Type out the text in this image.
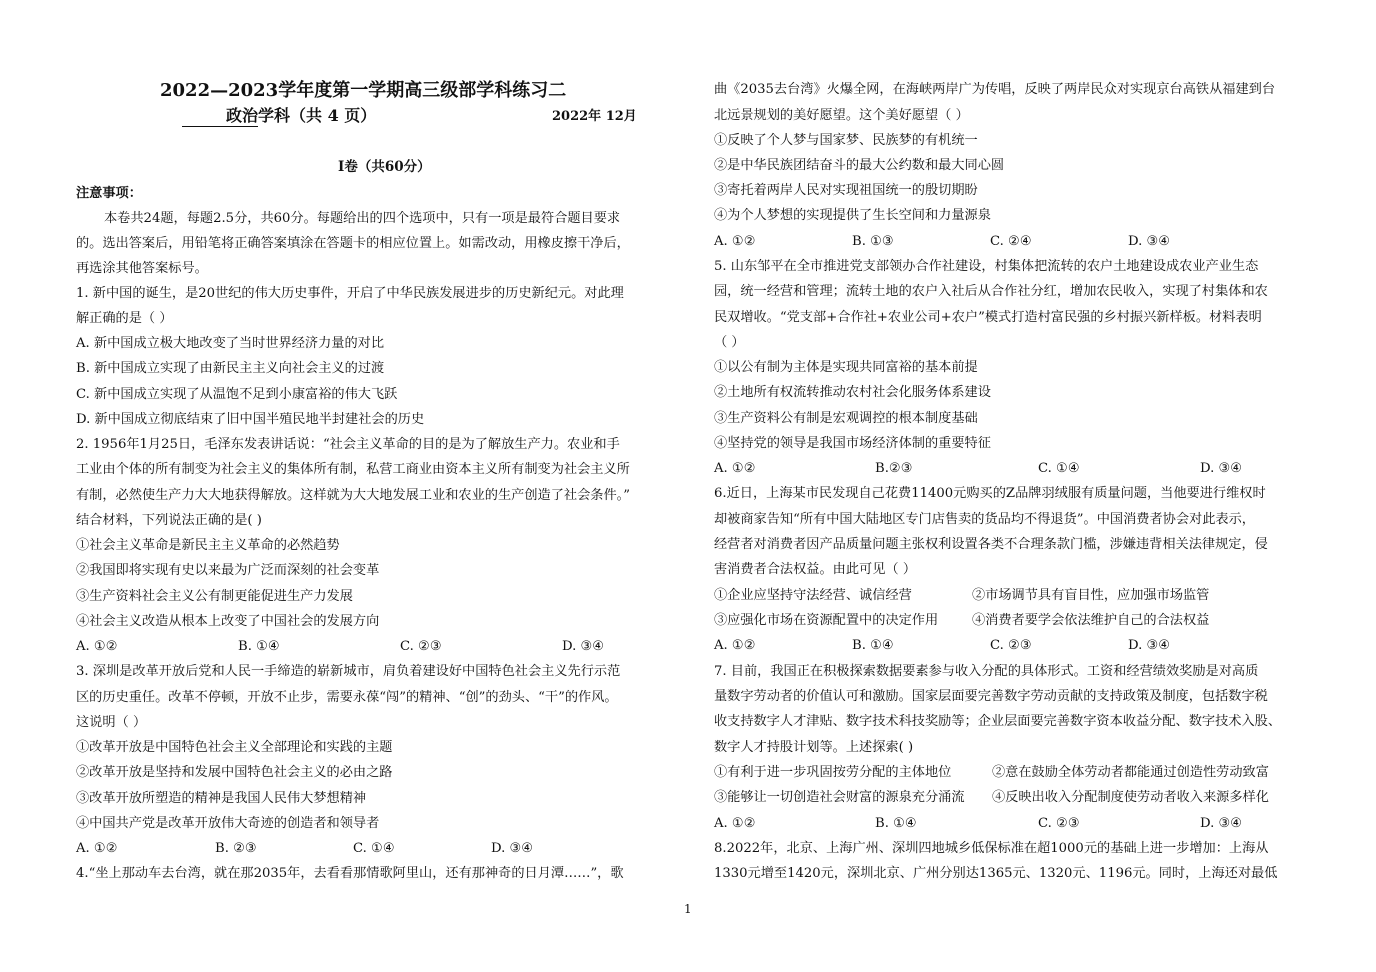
2022—2023学年度第一学期高三级部学科练习二
政治学科（共 4 页）	2022年 12月
Ⅰ卷（共60分）
注意事项：
本卷共24题，每题2.5分，共60分。每题给出的四个选项中，只有一项是最符合题目要求
的。选出答案后，用铅笔将正确答案填涂在答题卡的相应位置上。如需改动，用橡皮擦干净后，
再选涂其他答案标号。
1. 新中国的诞生，是20世纪的伟大历史事件，开启了中华民族发展进步的历史新纪元。对此理
解正确的是（ ）
A. 新中国成立极大地改变了当时世界经济力量的对比
B. 新中国成立实现了由新民主主义向社会主义的过渡
C. 新中国成立实现了从温饱不足到小康富裕的伟大飞跃
D. 新中国成立彻底结束了旧中国半殖民地半封建社会的历史
2. 1956年1月25日，毛泽东发表讲话说：“社会主义革命的目的是为了解放生产力。农业和手
工业由个体的所有制变为社会主义的集体所有制，私营工商业由资本主义所有制变为社会主义所
有制，必然使生产力大大地获得解放。这样就为大大地发展工业和农业的生产创造了社会条件。”
结合材料，下列说法正确的是( )
①社会主义革命是新民主主义革命的必然趋势
②我国即将实现有史以来最为广泛而深刻的社会变革
③生产资料社会主义公有制更能促进生产力发展
④社会主义改造从根本上改变了中国社会的发展方向
A. ①②	B. ①④	C. ②③	D. ③④
3. 深圳是改革开放后党和人民一手缔造的崭新城市，肩负着建设好中国特色社会主义先行示范
区的历史重任。改革不停顿，开放不止步，需要永葆“闯”的精神、“创”的劲头、“干”的作风。
这说明（ ）
①改革开放是中国特色社会主义全部理论和实践的主题
②改革开放是坚持和发展中国特色社会主义的必由之路
③改革开放所塑造的精神是我国人民伟大梦想精神
④中国共产党是改革开放伟大奇迹的创造者和领导者
A. ①②	B. ②③	C. ①④	D. ③④
4.“坐上那动车去台湾，就在那2035年，去看看那情歌阿里山，还有那神奇的日月潭……”，歌
曲《2035去台湾》火爆全网，在海峡两岸广为传唱，反映了两岸民众对实现京台高铁从福建到台
北远景规划的美好愿望。这个美好愿望（ ）
①反映了个人梦与国家梦、民族梦的有机统一
②是中华民族团结奋斗的最大公约数和最大同心圆
③寄托着两岸人民对实现祖国统一的殷切期盼
④为个人梦想的实现提供了生长空间和力量源泉
A. ①②	B. ①③	C. ②④	D. ③④
5. 山东邹平在全市推进党支部领办合作社建设，村集体把流转的农户土地建设成农业产业生态
园，统一经营和管理；流转土地的农户入社后从合作社分红，增加农民收入，实现了村集体和农
民双增收。“党支部+合作社+农业公司+农户”模式打造村富民强的乡村振兴新样板。材料表明
（ ）
①以公有制为主体是实现共同富裕的基本前提
②土地所有权流转推动农村社会化服务体系建设
③生产资料公有制是宏观调控的根本制度基础
④坚持党的领导是我国市场经济体制的重要特征
A. ①②	B.②③	C. ①④	D. ③④
6.近日，上海某市民发现自己花费11400元购买的Z品牌羽绒服有质量问题，当他要进行维权时
却被商家告知“所有中国大陆地区专门店售卖的货品均不得退货”。中国消费者协会对此表示，
经营者对消费者因产品质量问题主张权利设置各类不合理条款门槛，涉嫌违背相关法律规定，侵
害消费者合法权益。由此可见（ ）
①企业应坚持守法经营、诚信经营	②市场调节具有盲目性，应加强市场监管
③应强化市场在资源配置中的决定作用	④消费者要学会依法维护自己的合法权益
A. ①②	B. ①④	C. ②③	D. ③④
7. 目前，我国正在积极探索数据要素参与收入分配的具体形式。工资和经营绩效奖励是对高质
量数字劳动者的价值认可和激励。国家层面要完善数字劳动贡献的支持政策及制度，包括数字税
收支持数字人才津贴、数字技术科技奖励等；企业层面要完善数字资本收益分配、数字技术入股、
数字人才持股计划等。上述探索( )
①有利于进一步巩固按劳分配的主体地位	②意在鼓励全体劳动者都能通过创造性劳动致富
③能够让一切创造社会财富的源泉充分涌流 ④反映出收入分配制度使劳动者收入来源多样化
A. ①②	B. ①④	C. ②③	D. ③④
8.2022年，北京、上海广州、深圳四地城乡低保标准在超1000元的基础上进一步增加：上海从
1330元增至1420元，深圳北京、广州分别达1365元、1320元、1196元。同时，上海还对最低
1
